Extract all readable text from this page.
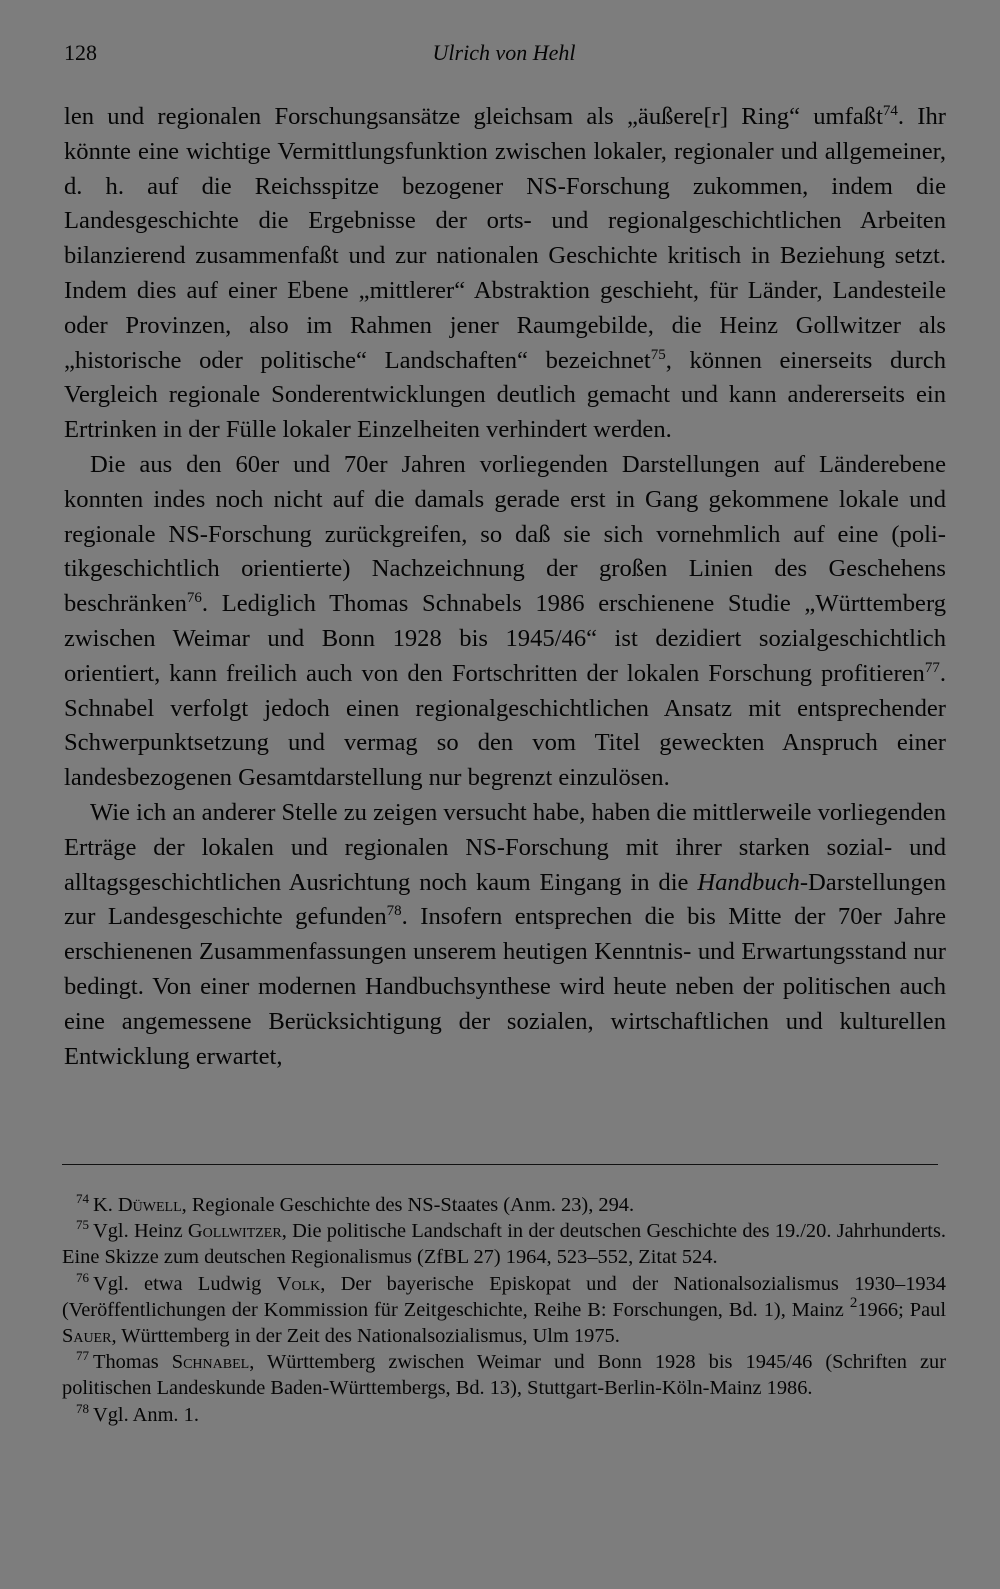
128	Ulrich von Hehl

len und regionalen Forschungsansätze gleichsam als „äußere[r] Ring“ umfaßt$^{74}$. Ihr könnte eine wichtige Vermittlungsfunktion zwischen lokaler, regionaler und allgemeiner, d. h. auf die Reichsspitze bezogener NS-Forschung zukommen, indem die Landesgeschichte die Ergebnisse der orts- und regionalgeschichtlichen Arbeiten bilanzierend zusammenfaßt und zur nationalen Geschichte kritisch in Beziehung setzt. Indem dies auf einer Ebene „mittlerer“ Abstraktion geschieht, für Länder, Landesteile oder Provinzen, also im Rahmen jener Raumgebilde, die Heinz Gollwitzer als „historische oder politische“ Landschaften“ bezeichnet$^{75}$, können einerseits durch Vergleich regionale Sonderentwicklungen deutlich gemacht und kann andererseits ein Ertrinken in der Fülle lokaler Einzelheiten verhindert werden.

Die aus den 60er und 70er Jahren vorliegenden Darstellungen auf Länderebene konnten indes noch nicht auf die damals gerade erst in Gang gekommene lokale und regionale NS-Forschung zurückgreifen, so daß sie sich vornehmlich auf eine (politikgeschichtlich orientierte) Nachzeichnung der großen Linien des Geschehens beschränken$^{76}$. Lediglich Thomas Schnabels 1986 erschienene Studie „Württemberg zwischen Weimar und Bonn 1928 bis 1945/46“ ist dezidiert sozialgeschichtlich orientiert, kann freilich auch von den Fortschritten der lokalen Forschung profitieren$^{77}$. Schnabel verfolgt jedoch einen regionalgeschichtlichen Ansatz mit entsprechender Schwerpunktsetzung und vermag so den vom Titel geweckten Anspruch einer landesbezogenen Gesamtdarstellung nur begrenzt einzulösen.

Wie ich an anderer Stelle zu zeigen versucht habe, haben die mittlerweile vorliegenden Erträge der lokalen und regionalen NS-Forschung mit ihrer starken sozial- und alltagsgeschichtlichen Ausrichtung noch kaum Eingang in die Handbuch-Darstellungen zur Landesgeschichte gefunden$^{78}$. Insofern entsprechen die bis Mitte der 70er Jahre erschienenen Zusammenfassungen unserem heutigen Kenntnis- und Erwartungsstand nur bedingt. Von einer modernen Handbuchsynthese wird heute neben der politischen auch eine angemessene Berücksichtigung der sozialen, wirtschaftlichen und kulturellen Entwicklung erwartet,

$^{74}$ K. Düwell, Regionale Geschichte des NS-Staates (Anm. 23), 294.

$^{75}$ Vgl. Heinz Gollwitzer, Die politische Landschaft in der deutschen Geschichte des 19./20. Jahrhunderts. Eine Skizze zum deutschen Regionalismus (ZfBL 27) 1964, 523–552, Zitat 524.

$^{76}$ Vgl. etwa Ludwig Volk, Der bayerische Episkopat und der Nationalsozialismus 1930–1934 (Veröffentlichungen der Kommission für Zeitgeschichte, Reihe B: Forschungen, Bd. 1), Mainz $^2$1966; Paul Sauer, Württemberg in der Zeit des Nationalsozialismus, Ulm 1975.

$^{77}$ Thomas Schnabel, Württemberg zwischen Weimar und Bonn 1928 bis 1945/46 (Schriften zur politischen Landeskunde Baden-Württembergs, Bd. 13), Stuttgart-Berlin-Köln-Mainz 1986.

$^{78}$ Vgl. Anm. 1.
